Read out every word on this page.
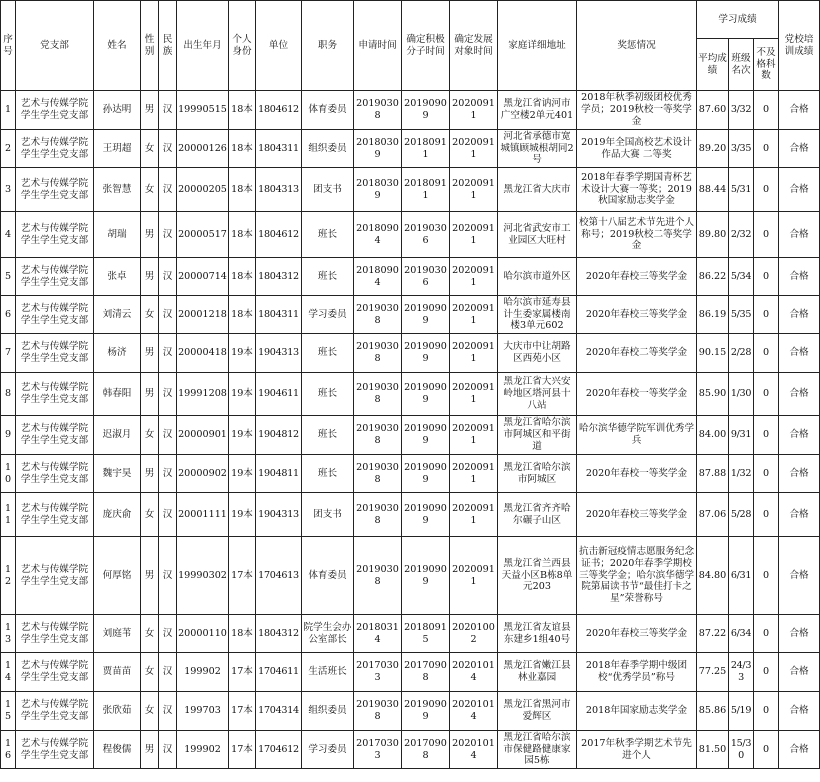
序号	党支部	姓名	性别	民族	出生年月	个人身份	单位	职务	申请时间	确定积极分子时间	确定发展对象时间	家庭详细地址	奖惩情况	学习成绩			党校培训成绩
														平均成绩	班级名次	不及格科数	
1	艺术与传媒学院学生学生党支部	孙达明	男	汉	19990515	18本	1804612	体育委员	20190308	20190909	20200911	黑龙江省讷河市广空楼2单元401	2018年秋季初级团校优秀学员；2019秋校一等奖学金	87.60	3/32	0	合格
2	艺术与传媒学院学生学生党支部	王玥超	女	汉	20000126	18本	1804311	组织委员	20180309	20180911	20200911	河北省承德市宽城镇顾城根胡同2号	2019年全国高校艺术设计作品大赛 二等奖	89.20	3/35	0	合格
3	艺术与传媒学院学生学生党支部	张智慧	女	汉	20000205	18本	1804313	团支书	20180309	20180911	20200911	黑龙江省大庆市	2018年春季学期国青杯艺术设计大赛一等奖；2019秋国家励志奖学金	88.44	5/31	0	合格
4	艺术与传媒学院学生学生党支部	胡瑞	男	汉	20000517	18本	1804612	班长	20180904	20190306	20200911	河北省武安市工业园区大旺村	校第十八届艺术节先进个人称号；2019秋校二等奖学金	89.80	2/32	0	合格
5	艺术与传媒学院学生学生党支部	张卓	男	汉	20000714	18本	1804312	班长	20180904	20190306	20200911	哈尔滨市道外区	2020年春校三等奖学金	86.22	5/34	0	合格
6	艺术与传媒学院学生学生党支部	刘清云	女	汉	20001218	18本	1804311	学习委员	20190308	20190909	20200911	哈尔滨市延寿县计生委家属楼南楼3单元602	2020年春校三等奖学金	86.19	5/35	0	合格
7	艺术与传媒学院学生学生党支部	杨济	男	汉	20000418	19本	1904313	班长	20190308	20190909	20200911	大庆市中让胡路区西苑小区	2020年春校二等奖学金	90.15	2/28	0	合格
8	艺术与传媒学院学生学生党支部	韩春阳	男	汉	19991208	19本	1904611	班长	20190308	20190909	20200911	黑龙江省大兴安岭地区塔河县十八站	2020年春校一等奖学金	85.90	1/30	0	合格
9	艺术与传媒学院学生学生党支部	迟淑月	女	汉	20000901	19本	1904812	班长	20190308	20190909	20200911	黑龙江省哈尔滨市阿城区和平街道	哈尔滨华德学院军训优秀学兵	84.00	9/31	0	合格
10	艺术与传媒学院学生学生党支部	魏宇昊	男	汉	20000902	19本	1904811	班长	20190308	20190909	20200911	黑龙江省哈尔滨市阿城区	2020年春校一等奖学金	87.88	1/32	0	合格
11	艺术与传媒学院学生学生党支部	庞庆俞	女	汉	20001111	19本	1904313	团支书	20190308	20190909	20200911	黑龙江省齐齐哈尔碾子山区	2020年春校三等奖学金	87.06	5/28	0	合格
12	艺术与传媒学院学生学生党支部	何厚铭	男	汉	19990302	17本	1704613	体育委员	20190308	20190909	20200911	黑龙江省兰西县天益小区B栋8单元203	抗击新冠疫情志愿服务纪念证书；2020年春季学期校三等奖学金；哈尔滨华德学院第届读书节“最佳打卡之星”荣誉称号	84.80	6/31	0	合格
13	艺术与传媒学院学生学生党支部	刘庭苇	女	汉	20000110	18本	1804312	院学生会办公室部长	20180314	20180915	20201002	黑龙江省友谊县东建乡1组40号	2020年春校三等奖学金	87.22	6/34	0	合格
14	艺术与传媒学院学生学生党支部	贾苗苗	女	汉	199902	17本	1704611	生活班长	20170303	20170908	20201014	黑龙江省嫩江县林业嘉园	2018年春季学期中级团校“优秀学员”称号	77.25	24/33	0	合格
15	艺术与传媒学院学生学生党支部	张欣茹	女	汉	199703	17本	1704314	组织委员	20190308	20190909	20201014	黑龙江省黑河市爱辉区	2018年国家励志奖学金	85.86	5/19	0	合格
16	艺术与传媒学院学生学生党支部	程俊儒	男	汉	199902	17本	1704612	学习委员	20170303	20170908	20201014	黑龙江省哈尔滨市保健路健康家园5栋	2017年秋季学期艺术节先进个人	81.50	15/30	0	合格
